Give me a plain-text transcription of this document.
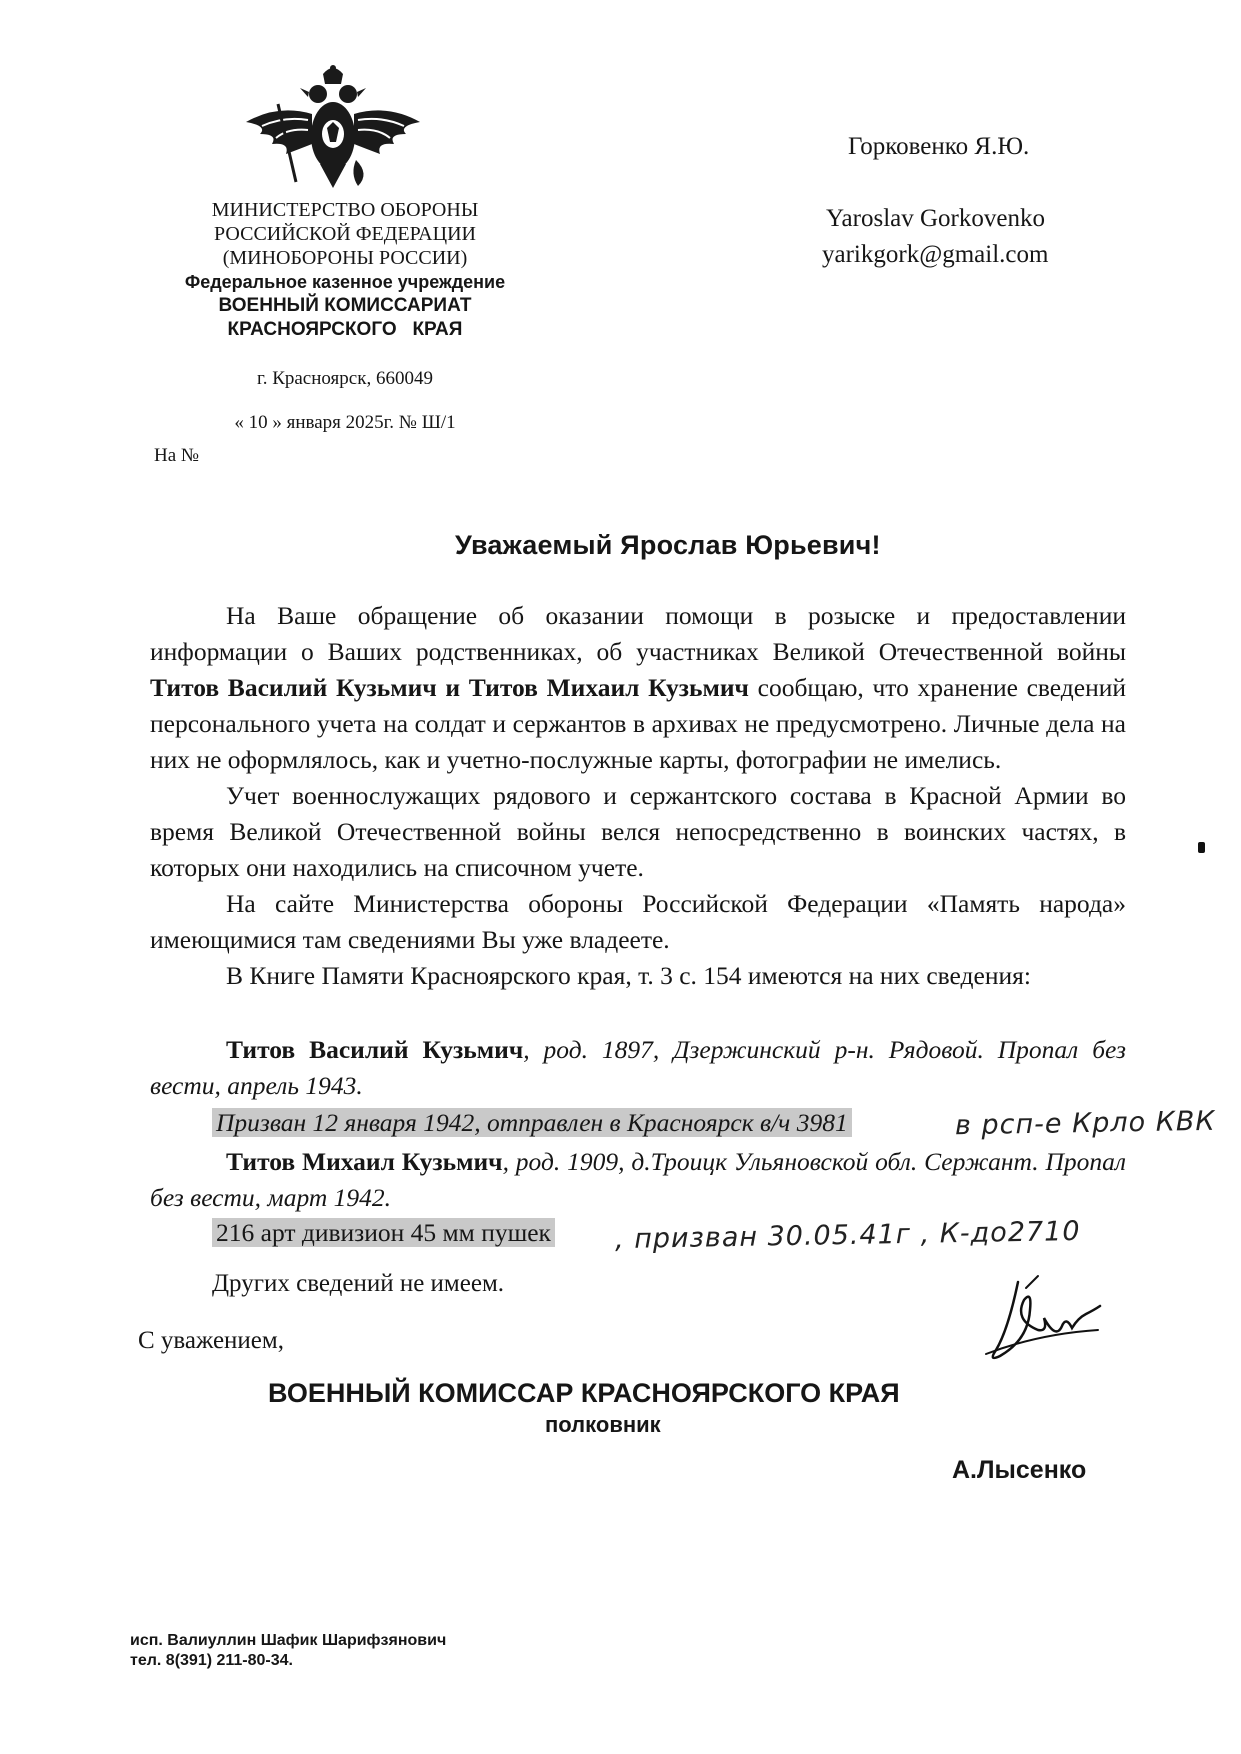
МИНИСТЕРСТВО ОБОРОНЫ
РОССИЙСКОЙ ФЕДЕРАЦИИ
(МИНОБОРОНЫ РОССИИ)
Федеральное казенное учреждение
ВОЕННЫЙ КОМИССАРИАТ
КРАСНОЯРСКОГО   КРАЯ
г. Красноярск, 660049
« 10 » января 2025г. № Ш/1
На №
Горковенко Я.Ю.
Yaroslav Gorkovenko
yarikgork@gmail.com
Уважаемый Ярослав Юрьевич!

На Ваше обращение об оказании помощи в розыске и предоставлении информации о Ваших родственниках, об участниках Великой Отечественной войны Титов Василий Кузьмич и Титов Михаил Кузьмич сообщаю, что хранение сведений персонального учета на солдат и сержантов в архивах не предусмотрено. Личные дела на них не оформлялось, как и учетно-послужные карты, фотографии не имелись.

Учет военнослужащих рядового и сержантского состава в Красной Армии во время Великой Отечественной войны велся непосредственно в воинских частях, в которых они находились на списочном учете.

На сайте Министерства обороны Российской Федерации «Память народа» имеющимися там сведениями Вы уже владеете.

В Книге Памяти Красноярского края, т. 3 с. 154 имеются на них сведения:

Титов Василий Кузьмич, род. 1897, Дзержинский р-н. Рядовой. Пропал без вести, апрель 1943.

Призван 12 января 1942, отправлен в Красноярск в/ч 3981	в рсп-е Крло КВК

Титов Михаил Кузьмич, род. 1909, д.Троицк Ульяновской обл. Сержант. Пропал без вести, март 1942.

216 арт дивизион 45 мм пушек , призван 30.05.41г , К-до2710
Других сведений не имеем.
С уважением,
ВОЕННЫЙ КОМИССАР КРАСНОЯРСКОГО КРАЯ
полковник
А.Лысенко
исп. Валиуллин Шафик Шарифзянович
тел. 8(391) 211-80-34.
